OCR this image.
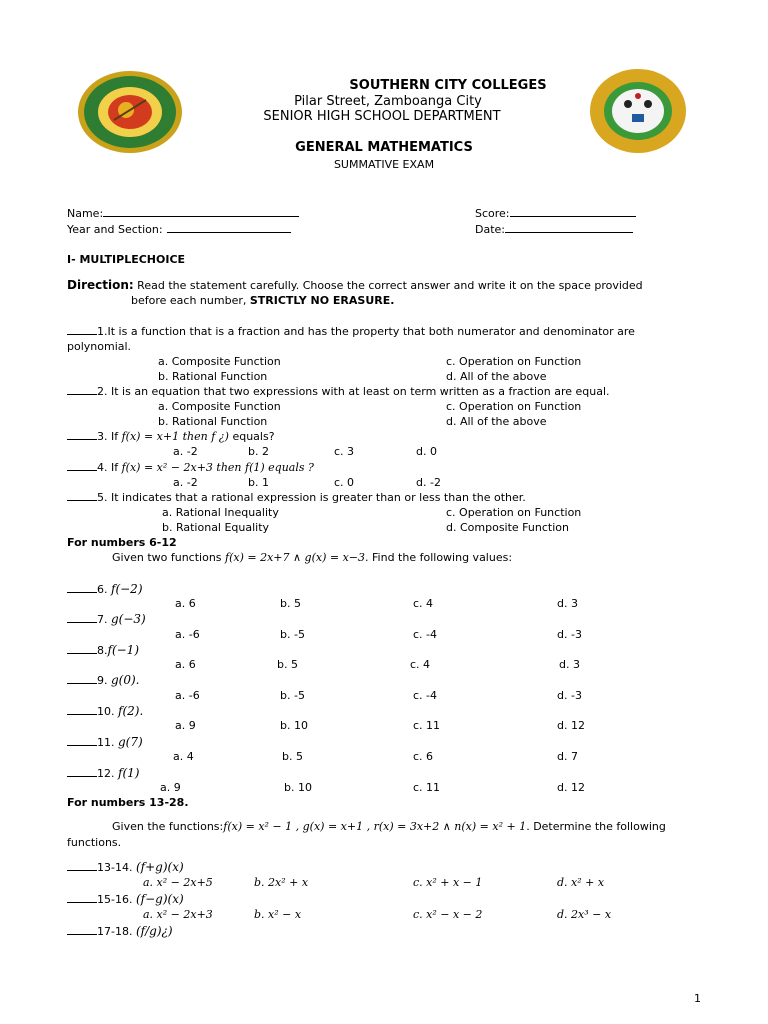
SOUTHERN CITY COLLEGES
Pilar Street, Zamboanga City
SENIOR HIGH SCHOOL DEPARTMENT
GENERAL MATHEMATICS
SUMMATIVE EXAM
Name:
Year and Section:
Score:
Date:
I- MULTIPLECHOICE
Direction: Read the statement carefully. Choose the correct answer and write it on the space provided
before each number, STRICTLY NO ERASURE.
1.It is a function that is a fraction and has the property that both numerator and denominator are
polynomial.
a. Composite Function
b. Rational Function
c. Operation on Function
d. All of the above
2. It is an equation that two expressions with at least on term written as a fraction are equal.
a. Composite Function
b. Rational Function
c. Operation on Function
d. All of the above
3. If f(x) = x+1 then f ¿) equals?
a. -2	b. 2	c. 3	d. 0
4. If f(x) = x² − 2x+3 then f(1) equals ?
a. -2	b. 1	c. 0	d. -2
5. It indicates that a rational expression is greater than or less than the other.
a. Rational Inequality
b. Rational Equality
c. Operation on Function
d. Composite Function
For numbers 6-12
Given two functions f(x) = 2x+7 ∧ g(x) = x−3. Find the following values:
6. f(−2)
a. 6	b. 5	c. 4	d. 3
7. g(−3)
a. -6	b. -5	c. -4	d. -3
8.f(−1)
a. 6	b. 5	c. 4	d. 3
9. g(0).
a. -6	b. -5	c. -4	d. -3
10. f(2).
a. 9	b. 10	c. 11	d. 12
11. g(7)
a. 4	b. 5	c. 6	d. 7
12. f(1)
a. 9	b. 10	c. 11	d. 12
For numbers 13-28.
Given the functions:f(x) = x² − 1 , g(x) = x+1 , r(x) = 3x+2 ∧ n(x) = x² + 1. Determine the following
functions.
13-14. (f+g)(x)
a. x² − 2x+5	b. 2x² + x	c. x² + x − 1	d. x² + x
15-16. (f−g)(x)
a. x² − 2x+3	b. x² − x	c. x² − x − 2	d. 2x³ − x
17-18. (f/g)¿)
1
